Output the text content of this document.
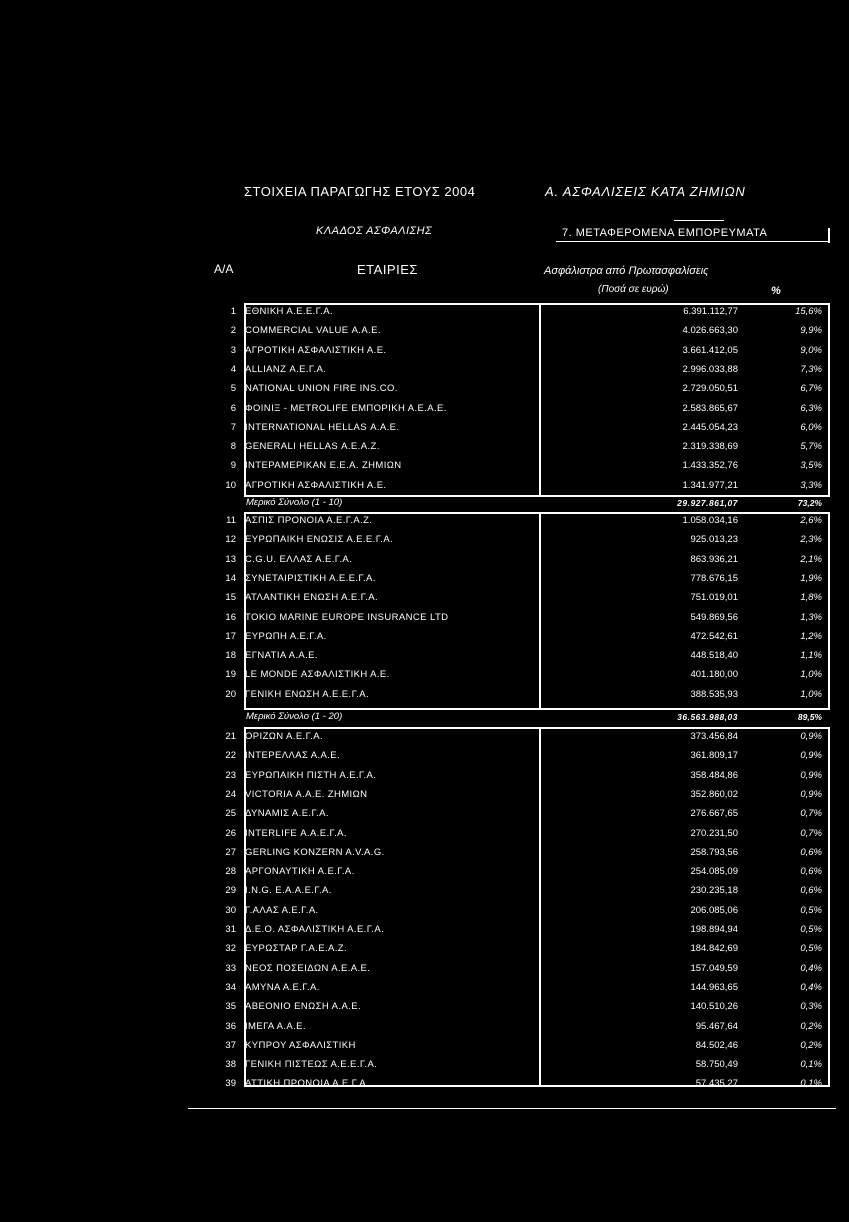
ΣΤΟΙΧΕΙΑ ΠΑΡΑΓΩΓΗΣ ΕΤΟΥΣ 2004	Α. ΑΣΦΑΛΙΣΕΙΣ ΚΑΤΑ ΖΗΜΙΩΝ
ΚΛΑΔΟΣ ΑΣΦΑΛΙΣΗΣ	7. ΜΕΤΑΦΕΡΟΜΕΝΑ ΕΜΠΟΡΕΥΜΑΤΑ
Α/Α	ΕΤΑΙΡΙΕΣ	Ασφάλιστρα από Πρωτασφαλίσεις
(Ποσά σε ευρώ)	%
1 ΕΘΝΙΚΗ Α.Ε.Ε.Γ.Α.	6.391.112,77	15,6%
2 COMMERCIAL VALUE Α.Α.Ε.	4.026.663,30	9,9%
3 ΑΓΡΟΤΙΚΗ ΑΣΦΑΛΙΣΤΙΚΗ Α.Ε.	3.661.412,05	9,0%
4 ALLIANZ Α.Ε.Γ.Α.	2.996.033,88	7,3%
5 NATIONAL UNION FIRE INS.CO.	2.729.050,51	6,7%
6 ΦΟΙΝΙΞ - METROLIFE ΕΜΠΟΡΙΚΗ Α.Ε.Α.Ε.	2.583.865,67	6,3%
7 INTERNATIONAL HELLAS Α.Α.Ε.	2.445.054,23	6,0%
8 GENERALI HELLAS Α.Ε.Α.Ζ.	2.319.338,69	5,7%
9 ΙΝΤΕΡΑΜΕΡΙΚΑΝ Ε.Ε.Α. ΖΗΜΙΩΝ	1.433.352,76	3,5%
10 ΑΓΡΟΤΙΚΗ ΑΣΦΑΛΙΣΤΙΚΗ Α.Ε.	1.341.977,21	3,3%
Μερικό Σύνολο (1 - 10)	29.927.861,07	73,2%
11 ΑΣΠΙΣ ΠΡΟΝΟΙΑ Α.Ε.Γ.Α.Ζ.	1.058.034,16	2,6%
12 ΕΥΡΩΠΑΙΚΗ ΕΝΩΣΙΣ Α.Ε.Ε.Γ.Α.	925.013,23	2,3%
13 C.G.U. ΕΛΛΑΣ Α.Ε.Γ.Α.	863.936,21	2,1%
14 ΣΥΝΕΤΑΙΡΙΣΤΙΚΗ Α.Ε.Ε.Γ.Α.	778.676,15	1,9%
15 ΑΤΛΑΝΤΙΚΗ ΕΝΩΣΗ Α.Ε.Γ.Α.	751.019,01	1,8%
16 TOKIO MARINE EUROPE INSURANCE LTD	549.869,56	1,3%
17 ΕΥΡΩΠΗ Α.Ε.Γ.Α.	472.542,61	1,2%
18 ΕΓΝΑΤΙΑ Α.Α.Ε.	448.518,40	1,1%
19 LE MONDE ΑΣΦΑΛΙΣΤΙΚΗ Α.Ε.	401.180,00	1,0%
20 ΓΕΝΙΚΗ ΕΝΩΣΗ Α.Ε.Ε.Γ.Α.	388.535,93	1,0%
Μερικό Σύνολο (1 - 20)	36.563.988,03	89,5%
21 ΟΡΙΖΩΝ Α.Ε.Γ.Α.	373.456,84	0,9%
22 ΙΝΤΕΡΕΛΛΑΣ Α.Α.Ε.	361.809,17	0,9%
23 ΕΥΡΩΠΑΙΚΗ ΠΙΣΤΗ Α.Ε.Γ.Α.	358.484,86	0,9%
24 VICTORIA Α.Α.Ε. ΖΗΜΙΩΝ	352.860,02	0,9%
25 ΔΥΝΑΜΙΣ Α.Ε.Γ.Α.	276.667,65	0,7%
26 INTERLIFE Α.Α.Ε.Γ.Α.	270.231,50	0,7%
27 GERLING KONZERN A.V.A.G.	258.793,56	0,6%
28 ΑΡΓΟΝΑΥΤΙΚΗ Α.Ε.Γ.Α.	254.085,09	0,6%
29 I.N.G. Ε.Α.Α.Ε.Γ.Α.	230.235,18	0,6%
30 Γ.ΑΛΑΣ Α.Ε.Γ.Α.	206.085,06	0,5%
31 Δ.Ε.Ο. ΑΣΦΑΛΙΣΤΙΚΗ Α.Ε.Γ.Α.	198.894,94	0,5%
32 ΕΥΡΩΣΤΑΡ Γ.Α.Ε.Α.Ζ.	184.842,69	0,5%
33 ΝΕΟΣ ΠΟΣΕΙΔΩΝ Α.Ε.Α.Ε.	157.049,59	0,4%
34 ΑΜΥΝΑ Α.Ε.Γ.Α.	144.963,65	0,4%
35 ΑΒΕΟΝΙΟ ΕΝΩΣΗ Α.Α.Ε.	140.510,26	0,3%
36 ΙΜΕΓΑ Α.Α.Ε.	95.467,64	0,2%
37 ΚΥΠΡΟΥ ΑΣΦΑΛΙΣΤΙΚΗ	84.502,46	0,2%
38 ΓΕΝΙΚΗ ΠΙΣΤΕΩΣ Α.Ε.Ε.Γ.Α.	58.750,49	0,1%
39 ΑΤΤΙΚΗ ΠΡΟΝΟΙΑ Α.Ε.Γ.Α.	57.435,27	0,1%
